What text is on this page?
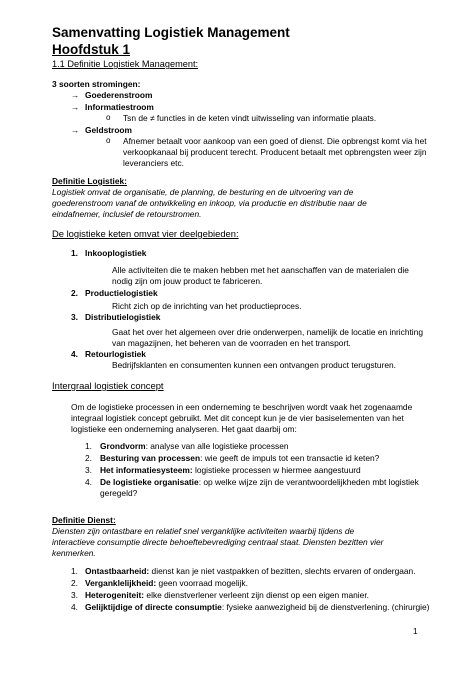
Samenvatting Logistiek Management
Hoofdstuk 1
1.1 Definitie Logistiek Management:
3 soorten stromingen:
→ Goederenstroom
→ Informatiestroom
o Tsn de ≠ functies in de keten vindt uitwisseling van informatie plaats.
→ Geldstroom
o Afnemer betaalt voor aankoop van een goed of dienst. Die opbrengst komt via het
verkoopkanaal bij producent terecht. Producent betaalt met opbrengsten weer zijn
leveranciers etc.
Definitie Logistiek:
Logistiek omvat de organisatie, de planning, de besturing en de uitvoering van de
goederenstroom vanaf de ontwikkeling en inkoop, via productie en distributie naar de
eindafnemer, inclusief de retourstromen.
De logistieke keten omvat vier deelgebieden:
1. Inkooplogistiek
Alle activiteiten die te maken hebben met het aanschaffen van de materialen die
nodig zijn om jouw product te fabriceren.
2. Productielogistiek
Richt zich op de inrichting van het productieproces.
3. Distributielogistiek
Gaat het over het algemeen over drie onderwerpen, namelijk de locatie en inrichting
van magazijnen, het beheren van de voorraden en het transport.
4. Retourlogistiek
Bedrijfsklanten en consumenten kunnen een ontvangen product terugsturen.
Intergraal logistiek concept
Om de logistieke processen in een onderneming te beschrijven wordt vaak het zogenaamde
integraal logistiek concept gebruikt. Met dit concept kun je de vier basiselementen van het
logistieke een onderneming analyseren. Het gaat daarbij om:
1. Grondvorm: analyse van alle logistieke processen
2. Besturing van processen: wie geeft de impuls tot een transactie id keten?
3. Het informatiesysteem: logistieke processen w hiermee aangestuurd
4. De logistieke organisatie: op welke wijze zijn de verantwoordelijkheden mbt logistiek
geregeld?
Definitie Dienst:
Diensten zijn ontastbare en relatief snel verganklijke activiteiten waarbij tijdens de
interactieve consumptie directe behoeftebevrediging centraal staat. Diensten bezitten vier
kenmerken.
1. Ontastbaarheid: dienst kan je niet vastpakken of bezitten, slechts ervaren of ondergaan.
2. Verganklelijkheid: geen voorraad mogelijk.
3. Heterogeniteit: elke dienstverlener verleent zijn dienst op een eigen manier.
4. Gelijktijdige of directe consumptie: fysieke aanwezigheid bij de dienstverlening. (chirurgie)
1
